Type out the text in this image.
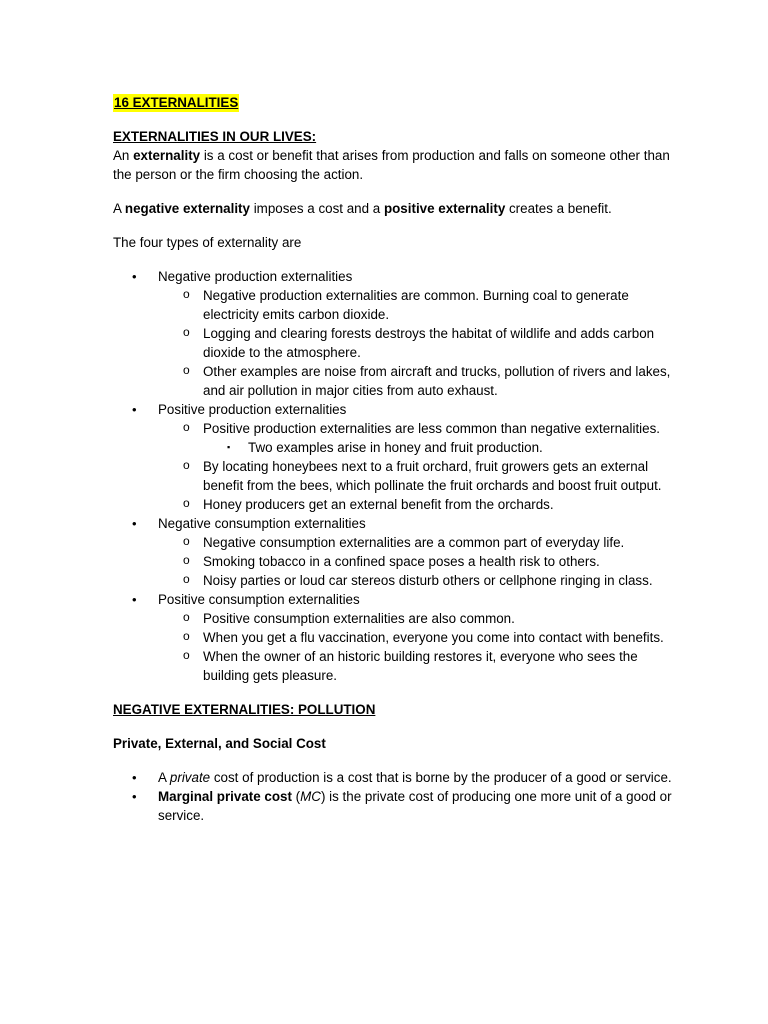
16 EXTERNALITIES

EXTERNALITIES IN OUR LIVES:

An externality is a cost or benefit that arises from production and falls on someone other than the person or the firm choosing the action.

A negative externality imposes a cost and a positive externality creates a benefit.

The four types of externality are

• Negative production externalities
o Negative production externalities are common. Burning coal to generate electricity emits carbon dioxide.
o Logging and clearing forests destroys the habitat of wildlife and adds carbon dioxide to the atmosphere.
o Other examples are noise from aircraft and trucks, pollution of rivers and lakes, and air pollution in major cities from auto exhaust.
• Positive production externalities
o Positive production externalities are less common than negative externalities.
▪ Two examples arise in honey and fruit production.
o By locating honeybees next to a fruit orchard, fruit growers gets an external benefit from the bees, which pollinate the fruit orchards and boost fruit output.
o Honey producers get an external benefit from the orchards.
• Negative consumption externalities
o Negative consumption externalities are a common part of everyday life.
o Smoking tobacco in a confined space poses a health risk to others.
o Noisy parties or loud car stereos disturb others or cellphone ringing in class.
• Positive consumption externalities
o Positive consumption externalities are also common.
o When you get a flu vaccination, everyone you come into contact with benefits.
o When the owner of an historic building restores it, everyone who sees the building gets pleasure.

NEGATIVE EXTERNALITIES: POLLUTION

Private, External, and Social Cost

• A private cost of production is a cost that is borne by the producer of a good or service.
• Marginal private cost (MC) is the private cost of producing one more unit of a good or service.
